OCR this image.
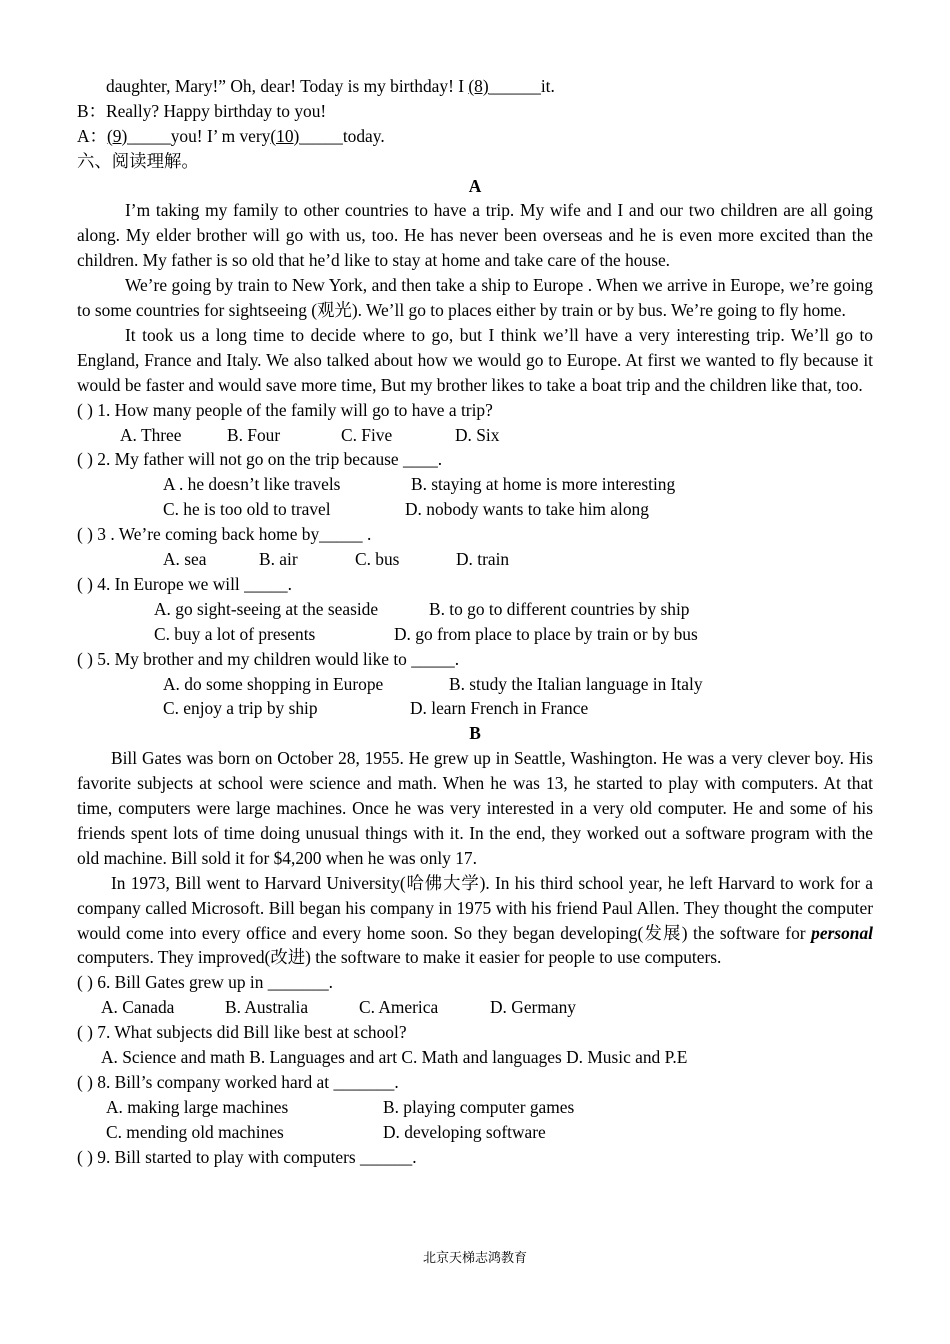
daughter, Mary!” Oh, dear! Today is my birthday! I (8)______it.
B：Really? Happy birthday to you!
A：(9)_____you! I’ m very(10)_____today.
六、阅读理解。
A

I’m taking my family to other countries to have a trip. My wife and I and our two children are all going along. My elder brother will go with us, too. He has never been overseas and he is even more excited than the children. My father is so old that he’d like to stay at home and take care of the house.

We’re going by train to New York, and then take a ship to Europe . When we arrive in Europe, we’re going to some countries for sightseeing (观光). We’ll go to places either by train or by bus. We’re going to fly home.

It took us a long time to decide where to go, but I think we’ll have a very interesting trip. We’ll go to England, France and Italy. We also talked about how we would go to Europe. At first we wanted to fly because it would be faster and would save more time, But my brother likes to take a boat trip and the children like that, too.

( ) 1. How many people of the family will go to have a trip?
A. Three	B. Four	C. Five	D. Six
( ) 2. My father will not go on the trip because ____.
A . he doesn’t like travels	B. staying at home is more interesting
C. he is too old to travel	D. nobody wants to take him along
( ) 3 . We’re coming back home by_____ .
A. sea	B. air	C. bus	D. train
( ) 4. In Europe we will _____.
A. go sight-seeing at the seaside	B. to go to different countries by ship
C. buy a lot of presents	D. go from place to place by train or by bus
( ) 5. My brother and my children would like to _____.
A. do some shopping in Europe	B. study the Italian language in Italy
C. enjoy a trip by ship	D. learn French in France
B

Bill Gates was born on October 28, 1955. He grew up in Seattle, Washington. He was a very clever boy. His favorite subjects at school were science and math. When he was 13, he started to play with computers. At that time, computers were large machines. Once he was very interested in a very old computer. He and some of his friends spent lots of time doing unusual things with it. In the end, they worked out a software program with the old machine. Bill sold it for $4,200 when he was only 17.

In 1973, Bill went to Harvard University(哈佛大学). In his third school year, he left Harvard to work for a company called Microsoft. Bill began his company in 1975 with his friend Paul Allen. They thought the computer would come into every office and every home soon. So they began developing(发展) the software for personal computers. They improved(改进) the software to make it easier for people to use computers.

( ) 6. Bill Gates grew up in _______.
A. Canada	B. Australia	C. America	D. Germany
( ) 7. What subjects did Bill like best at school?
A. Science and math B. Languages and art C. Math and languages D. Music and P.E
( ) 8. Bill’s company worked hard at _______.
A. making large machines	B. playing computer games
C. mending old machines	D. developing software
( ) 9. Bill started to play with computers ______.
北京天梯志鸿教育
